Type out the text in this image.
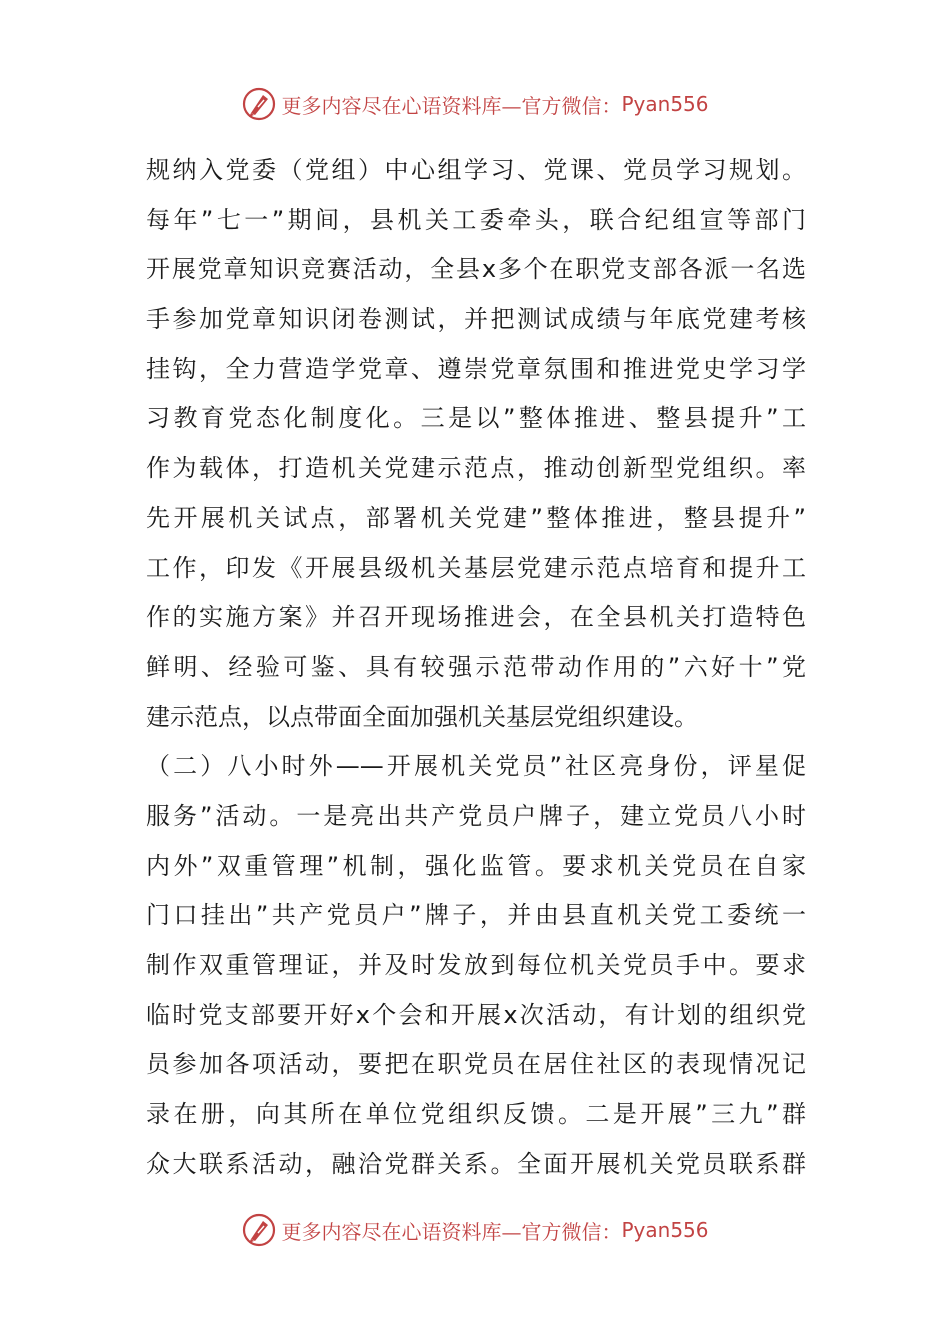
更多内容尽在心语资料库—官方微信： Pyan556
规纳入党委（党组）中心组学习、党课、党员学习规划。
每年”七一”期间，县机关工委牵头，联合纪组宣等部门
开展党章知识竞赛活动，全县x多个在职党支部各派一名选
手参加党章知识闭卷测试，并把测试成绩与年底党建考核
挂钩，全力营造学党章、遵崇党章氛围和推进党史学习学
习教育党态化制度化。三是以”整体推进、整县提升”工
作为载体，打造机关党建示范点，推动创新型党组织。率
先开展机关试点，部署机关党建”整体推进，整县提升”
工作，印发《开展县级机关基层党建示范点培育和提升工
作的实施方案》并召开现场推进会，在全县机关打造特色
鲜明、经验可鉴、具有较强示范带动作用的”六好十”党
建示范点，以点带面全面加强机关基层党组织建设。
（二）八小时外——开展机关党员”社区亮身份，评星促
服务”活动。一是亮出共产党员户牌子，建立党员八小时
内外”双重管理”机制，强化监管。要求机关党员在自家
门口挂出”共产党员户”牌子，并由县直机关党工委统一
制作双重管理证，并及时发放到每位机关党员手中。要求
临时党支部要开好x个会和开展x次活动，有计划的组织党
员参加各项活动，要把在职党员在居住社区的表现情况记
录在册，向其所在单位党组织反馈。二是开展”三九”群
众大联系活动，融洽党群关系。全面开展机关党员联系群
更多内容尽在心语资料库—官方微信： Pyan556
